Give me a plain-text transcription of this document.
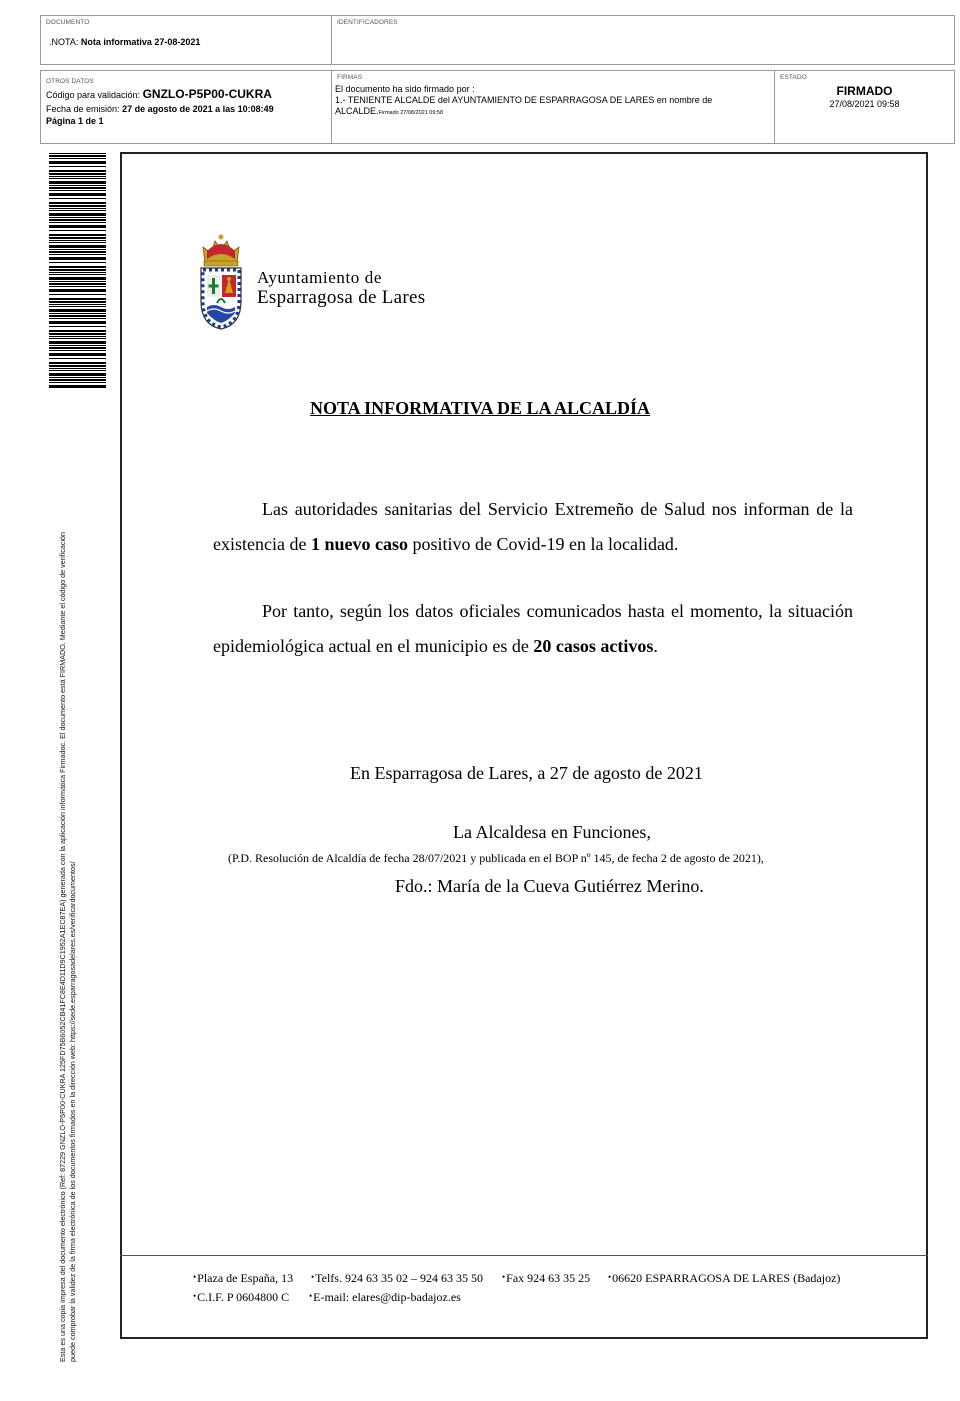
DOCUMENTO
.NOTA: Nota informativa 27-08-2021
IDENTIFICADORES
OTROS DATOS
Código para validación: GNZLO-P5P00-CUKRA
Fecha de emisión: 27 de agosto de 2021 a las 10:08:49
Página 1 de 1
FIRMAS
El documento ha sido firmado por :
1.- TENIENTE ALCALDE del AYUNTAMIENTO DE ESPARRAGOSA DE LARES en nombre de
ALCALDE.Firmado 27/08/2021 09:58
ESTADO
FIRMADO
27/08/2021 09:58
Esta es una copia impresa del documento electrónico (Ref: 87229 GNZLO-P5P00-CUKRA 125FD75B6052CB41FC8E4D11D9C1952A1EC87EA) generada con la aplicación informática Firmadoc. El documento está FIRMADO. Mediante el código de verificación puede comprobar la validez de la firma electrónica de los documentos firmados en la dirección web: https://sede.esparragosadelares.es/verificardocumentos/
Ayuntamiento de
Esparragosa de Lares
NOTA INFORMATIVA DE LA ALCALDÍA
Las autoridades sanitarias del Servicio Extremeño de Salud nos informan de la existencia de 1 nuevo caso positivo de Covid-19 en la localidad.
Por tanto, según los datos oficiales comunicados hasta el momento, la situación epidemiológica actual en el municipio es de 20 casos activos.
En Esparragosa de Lares, a 27 de agosto de 2021
La Alcaldesa en Funciones,
(P.D. Resolución de Alcaldía de fecha 28/07/2021 y publicada en el BOP nº 145, de fecha 2 de agosto de 2021),
Fdo.: María de la Cueva Gutiérrez Merino.
•Plaza de España, 13 •Telfs. 924 63 35 02 – 924 63 35 50 •Fax 924 63 35 25 •06620 ESPARRAGOSA DE LARES (Badajoz)
•C.I.F. P 0604800 C •E-mail: elares@dip-badajoz.es
